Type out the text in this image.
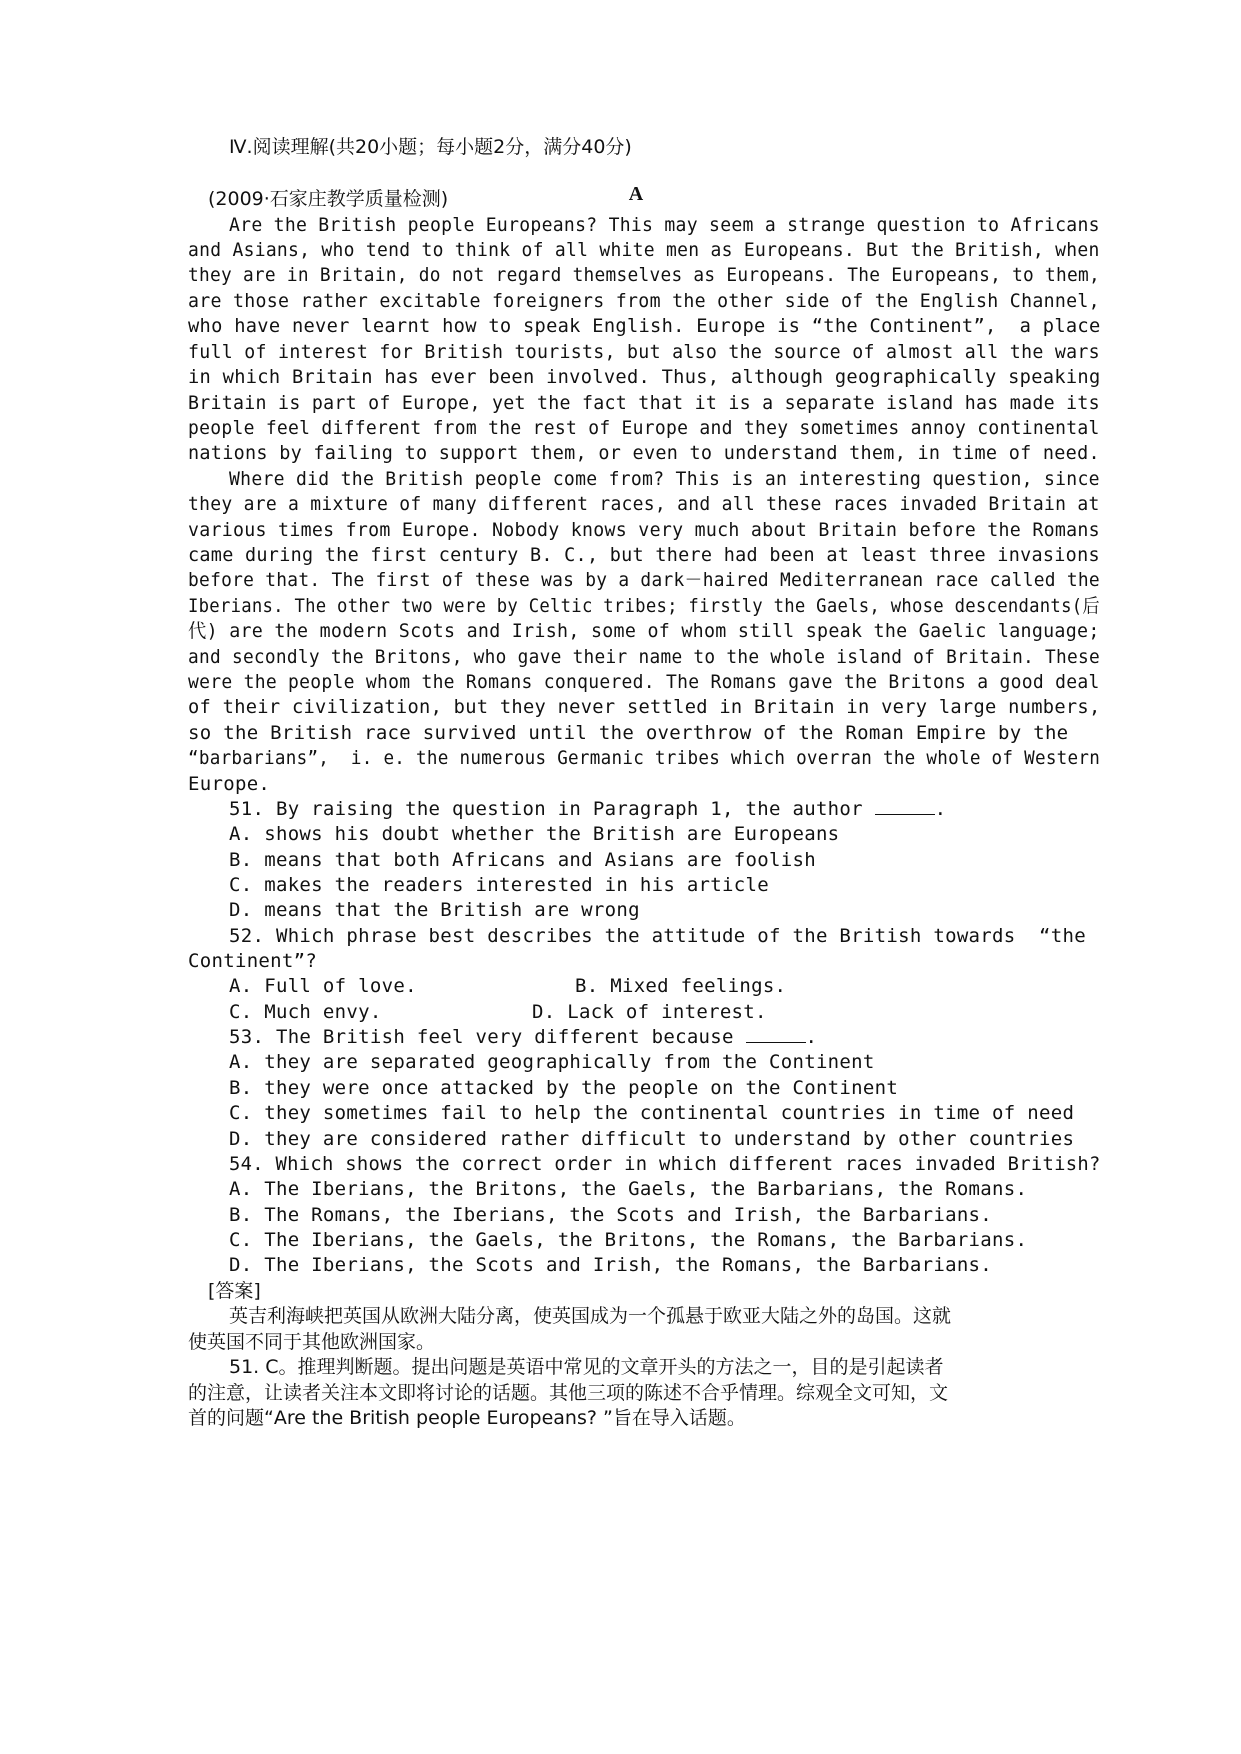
Ⅳ.阅读理解(共20小题；每小题2分，满分40分)
A
(2009·石家庄教学质量检测)
Are the British people Europeans? This may seem a strange question to Africans
and Asians, who tend to think of all white men as Europeans. But the British, when
they are in Britain, do not regard themselves as Europeans. The Europeans, to them,
are those rather excitable foreigners from the other side of the English Channel,
who have never learnt how to speak English. Europe is “the Continent”,  a place
full of interest for British tourists, but also the source of almost all the wars
in which Britain has ever been involved. Thus, although geographically speaking
Britain is part of Europe, yet the fact that it is a separate island has made its
people feel different from the rest of Europe and they sometimes annoy continental
nations by failing to support them, or even to understand them, in time of need.
Where did the British people come from? This is an interesting question, since
they are a mixture of many different races, and all these races invaded Britain at
various times from Europe. Nobody knows very much about Britain before the Romans
came during the first century B. C., but there had been at least three invasions
before that. The first of these was by a dark－haired Mediterranean race called the
Iberians. The other two were by Celtic tribes; firstly the Gaels, whose descendants(后
代) are the modern Scots and Irish, some of whom still speak the Gaelic language;
and secondly the Britons, who gave their name to the whole island of Britain. These
were the people whom the Romans conquered. The Romans gave the Britons a good deal
of their civilization, but they never settled in Britain in very large numbers,
so the British race survived until the overthrow of the Roman Empire by the
“barbarians”,  i. e. the numerous Germanic tribes which overran the whole of Western
Europe.
51. By raising the question in Paragraph 1, the author	.
A. shows his doubt whether the British are Europeans
B. means that both Africans and Asians are foolish
C. makes the readers interested in his article
D. means that the British are wrong
52. Which phrase best describes the attitude of the British towards  “the
Continent”?
A. Full of love.	B. Mixed feelings.
C. Much envy.	D. Lack of interest.
53. The British feel very different because	.
A. they are separated geographically from the Continent
B. they were once attacked by the people on the Continent
C. they sometimes fail to help the continental countries in time of need
D. they are considered rather difficult to understand by other countries
54. Which shows the correct order in which different races invaded British?
A. The Iberians, the Britons, the Gaels, the Barbarians, the Romans.
B. The Romans, the Iberians, the Scots and Irish, the Barbarians.
C. The Iberians, the Gaels, the Britons, the Romans, the Barbarians.
D. The Iberians, the Scots and Irish, the Romans, the Barbarians.
[答案]
英吉利海峡把英国从欧洲大陆分离，使英国成为一个孤悬于欧亚大陆之外的岛国。这就
使英国不同于其他欧洲国家。
51. C。推理判断题。提出问题是英语中常见的文章开头的方法之一，目的是引起读者
的注意，让读者关注本文即将讨论的话题。其他三项的陈述不合乎情理。综观全文可知，文
首的问题“Are the British people Europeans? ”旨在导入话题。
